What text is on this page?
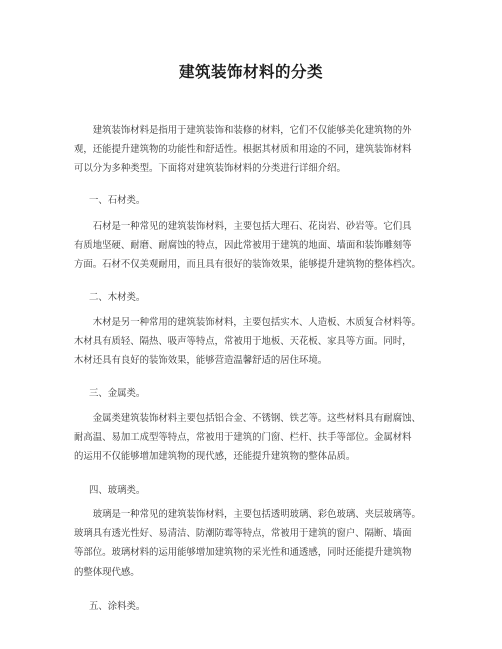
建筑装饰材料的分类
　　建筑装饰材料是指用于建筑装饰和装修的材料，它们不仅能够美化建筑物的外
观，还能提升建筑物的功能性和舒适性。根据其材质和用途的不同，建筑装饰材料
可以分为多种类型。下面将对建筑装饰材料的分类进行详细介绍。
一、石材类。
　　石材是一种常见的建筑装饰材料，主要包括大理石、花岗岩、砂岩等。它们具
有质地坚硬、耐磨、耐腐蚀的特点，因此常被用于建筑的地面、墙面和装饰雕刻等
方面。石材不仅美观耐用，而且具有很好的装饰效果，能够提升建筑物的整体档次。
二、木材类。
　　木材是另一种常用的建筑装饰材料，主要包括实木、人造板、木质复合材料等。
木材具有质轻、隔热、吸声等特点，常被用于地板、天花板、家具等方面。同时，
木材还具有良好的装饰效果，能够营造温馨舒适的居住环境。
三、金属类。
　　金属类建筑装饰材料主要包括铝合金、不锈钢、铁艺等。这些材料具有耐腐蚀、
耐高温、易加工成型等特点，常被用于建筑的门窗、栏杆、扶手等部位。金属材料
的运用不仅能够增加建筑物的现代感，还能提升建筑物的整体品质。
四、玻璃类。
　　玻璃是一种常见的建筑装饰材料，主要包括透明玻璃、彩色玻璃、夹层玻璃等。
玻璃具有透光性好、易清洁、防潮防霉等特点，常被用于建筑的窗户、隔断、墙面
等部位。玻璃材料的运用能够增加建筑物的采光性和通透感，同时还能提升建筑物
的整体现代感。
五、涂料类。
